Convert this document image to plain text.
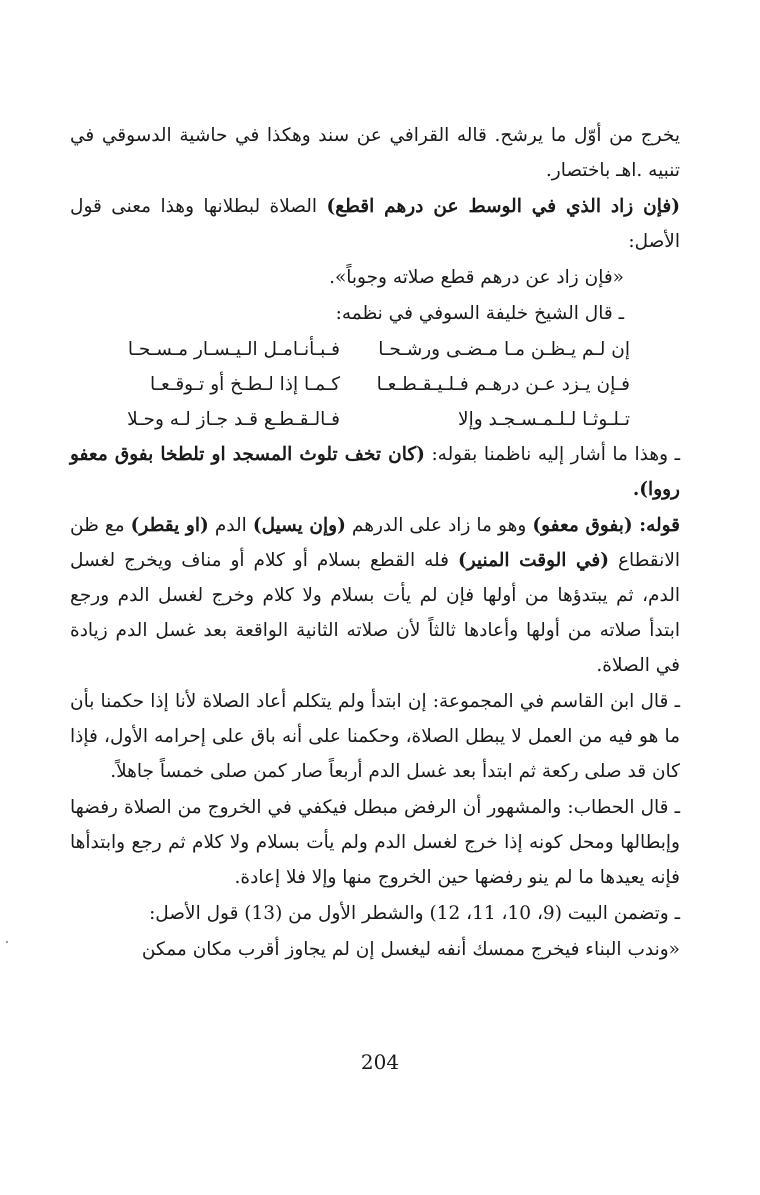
يخرج من أوّل ما يرشح. قاله القرافي عن سند وهكذا في حاشية الدسوقي في تنبيه .اهـ باختصار.

(فإن زاد الذي في الوسط عن درهم اقطع) الصلاة لبطلانها وهذا معنى قول الأصل:

«فإن زاد عن درهم قطع صلاته وجوباً».

ـ قال الشيخ خليفة السوفي في نظمه:

إن لـم يـظـن مـا مـضـى ورشـحـا
فـبـأنـامـل الـيـسـار مـسـحـا
فـإن يـزد عـن درهـم فـلـيـقـطـعـا
كـمـا إذا لـطـخ أو تـوقـعـا
تـلـوثـا لـلـمـسـجـد وإلا
فـالـقـطـع قـد جـاز لـه وحـلا

ـ وهذا ما أشار إليه ناظمنا بقوله: (كان تخف تلوث المسجد او تلطخا بفوق معفو رووا).

قوله: (بفوق معفو) وهو ما زاد على الدرهم (وإن يسيل) الدم (او يقطر) مع ظن الانقطاع (في الوقت المنير) فله القطع بسلام أو كلام أو مناف ويخرج لغسل الدم، ثم يبتدؤها من أولها فإن لم يأت بسلام ولا كلام وخرج لغسل الدم ورجع ابتدأ صلاته من أولها وأعادها ثالثاً لأن صلاته الثانية الواقعة بعد غسل الدم زيادة في الصلاة.

ـ قال ابن القاسم في المجموعة: إن ابتدأ ولم يتكلم أعاد الصلاة لأنا إذا حكمنا بأن ما هو فيه من العمل لا يبطل الصلاة، وحكمنا على أنه باق على إحرامه الأول، فإذا كان قد صلى ركعة ثم ابتدأ بعد غسل الدم أربعاً صار كمن صلى خمساً جاهلاً.

ـ قال الحطاب: والمشهور أن الرفض مبطل فيكفي في الخروج من الصلاة رفضها وإبطالها ومحل كونه إذا خرج لغسل الدم ولم يأت بسلام ولا كلام ثم رجع وابتدأها فإنه يعيدها ما لم ينو رفضها حين الخروج منها وإلا فلا إعادة.

ـ وتضمن البيت (9، 10، 11، 12) والشطر الأول من (13) قول الأصل:

«وندب البناء فيخرج ممسك أنفه ليغسل إن لم يجاوز أقرب مكان ممكن

204
